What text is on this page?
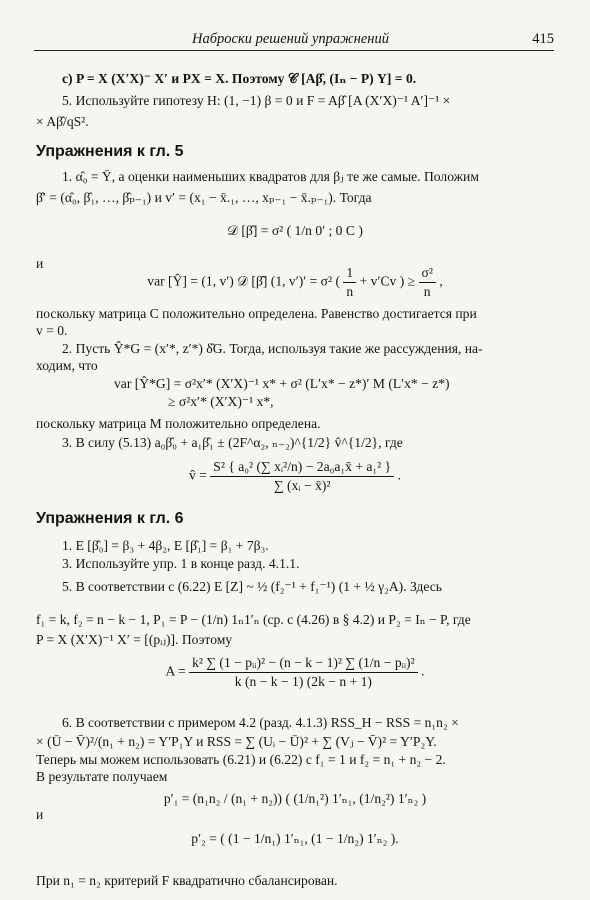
Наброски решений упражнений	415
c) P = X (X′X)⁻ X′ и PX = X. Поэтому 𝒞 [Aβ̂, (Iₙ − P) Y] = 0.
5. Используйте гипотезу H: (1, −1) β = 0 и F = Aβ̂ [A (X′X)⁻¹ A′]⁻¹ ×
× Aβ̂/qS².
Упражнения к гл. 5
1. α̂₀ = Ȳ, а оценки наименьших квадратов для βⱼ те же самые. Положим
β̂′ = (α̂₀, β̂₁, …, β̂ₚ₋₁) и v′ = (x₁ − x̄.₁, …, xₚ₋₁ − x̄.ₚ₋₁). Тогда
𝒟 [β̂] = σ² ( 1/n 0′ ; 0 C )
и
var [Ŷ] = (1, v′) 𝒟 [β̂] (1, v′)′ = σ² ( $\frac{1}{n} + v'Cv$ ) ≥ $\frac{\text{σ²}}{n}$ ,
поскольку матрица C положительно определена. Равенство достигается при
v = 0.
2. Пусть Ŷ*G = (x′*, z′*) δ̂G. Тогда, используя такие же рассуждения, на-
ходим, что
var [Ŷ*G] = σ²x′* (X′X)⁻¹ x* + σ² (L′x* − z*)′ M (L′x* − z*)
≥ σ²x′* (X′X)⁻¹ x*,
поскольку матрица M положительно определена.
3. В силу (5.13) a₀β̂₀ + a₁β̂₁ ± (2F^α₂, ₙ₋₂)^{1/2} v̂^{1/2}, где
v̂ = $\frac{\text{S² \{ a₀² (∑ xᵢ²/n) − 2a₀a₁x̄ + a₁² \}}}{\text{∑ (xᵢ − x̄)²}}$ .
Упражнения к гл. 6
1. E [β̂₀] = β₃ + 4β₂, E [β̂₁] = β₁ + 7β₃.
3. Используйте упр. 1 в конце разд. 4.1.1.
5. В соответствии с (6.22) E [Z] ~ ½ (f₂⁻¹ + f₁⁻¹) (1 + ½ γ₂A). Здесь
f₁ = k, f₂ = n − k − 1, P₁ = P − (1/n) 1ₙ1′ₙ (ср. с (4.26) в § 4.2) и P₂ = Iₙ − P, где
P = X (X′X)⁻¹ X′ = [(pᵢⱼ)]. Поэтому
$A = \frac{\text{k² ∑ (1 − pᵢᵢ)² − (n − k − 1)² ∑ (1/n − pᵢᵢ)²}}{k (n - k - 1) (2k - n + 1)}$ .
6. В соответствии с примером 4.2 (разд. 4.1.3) RSS_H − RSS = n₁n₂ ×
× (Ū − V̄)²/(n₁ + n₂) = Y′P₁Y и RSS = ∑ (Uᵢ − Ū)² + ∑ (Vⱼ − V̄)² = Y′P₂Y.
Теперь мы можем использовать (6.21) и (6.22) с f₁ = 1 и f₂ = n₁ + n₂ − 2.
В результате получаем
p′₁ = (n₁n₂ / (n₁ + n₂)) ( (1/n₁²) 1′ₙ₁, (1/n₂²) 1′ₙ₂ )
и
p′₂ = ( (1 − 1/n₁) 1′ₙ₁, (1 − 1/n₂) 1′ₙ₂ ).
При n₁ = n₂ критерий F квадратично сбалансирован.
